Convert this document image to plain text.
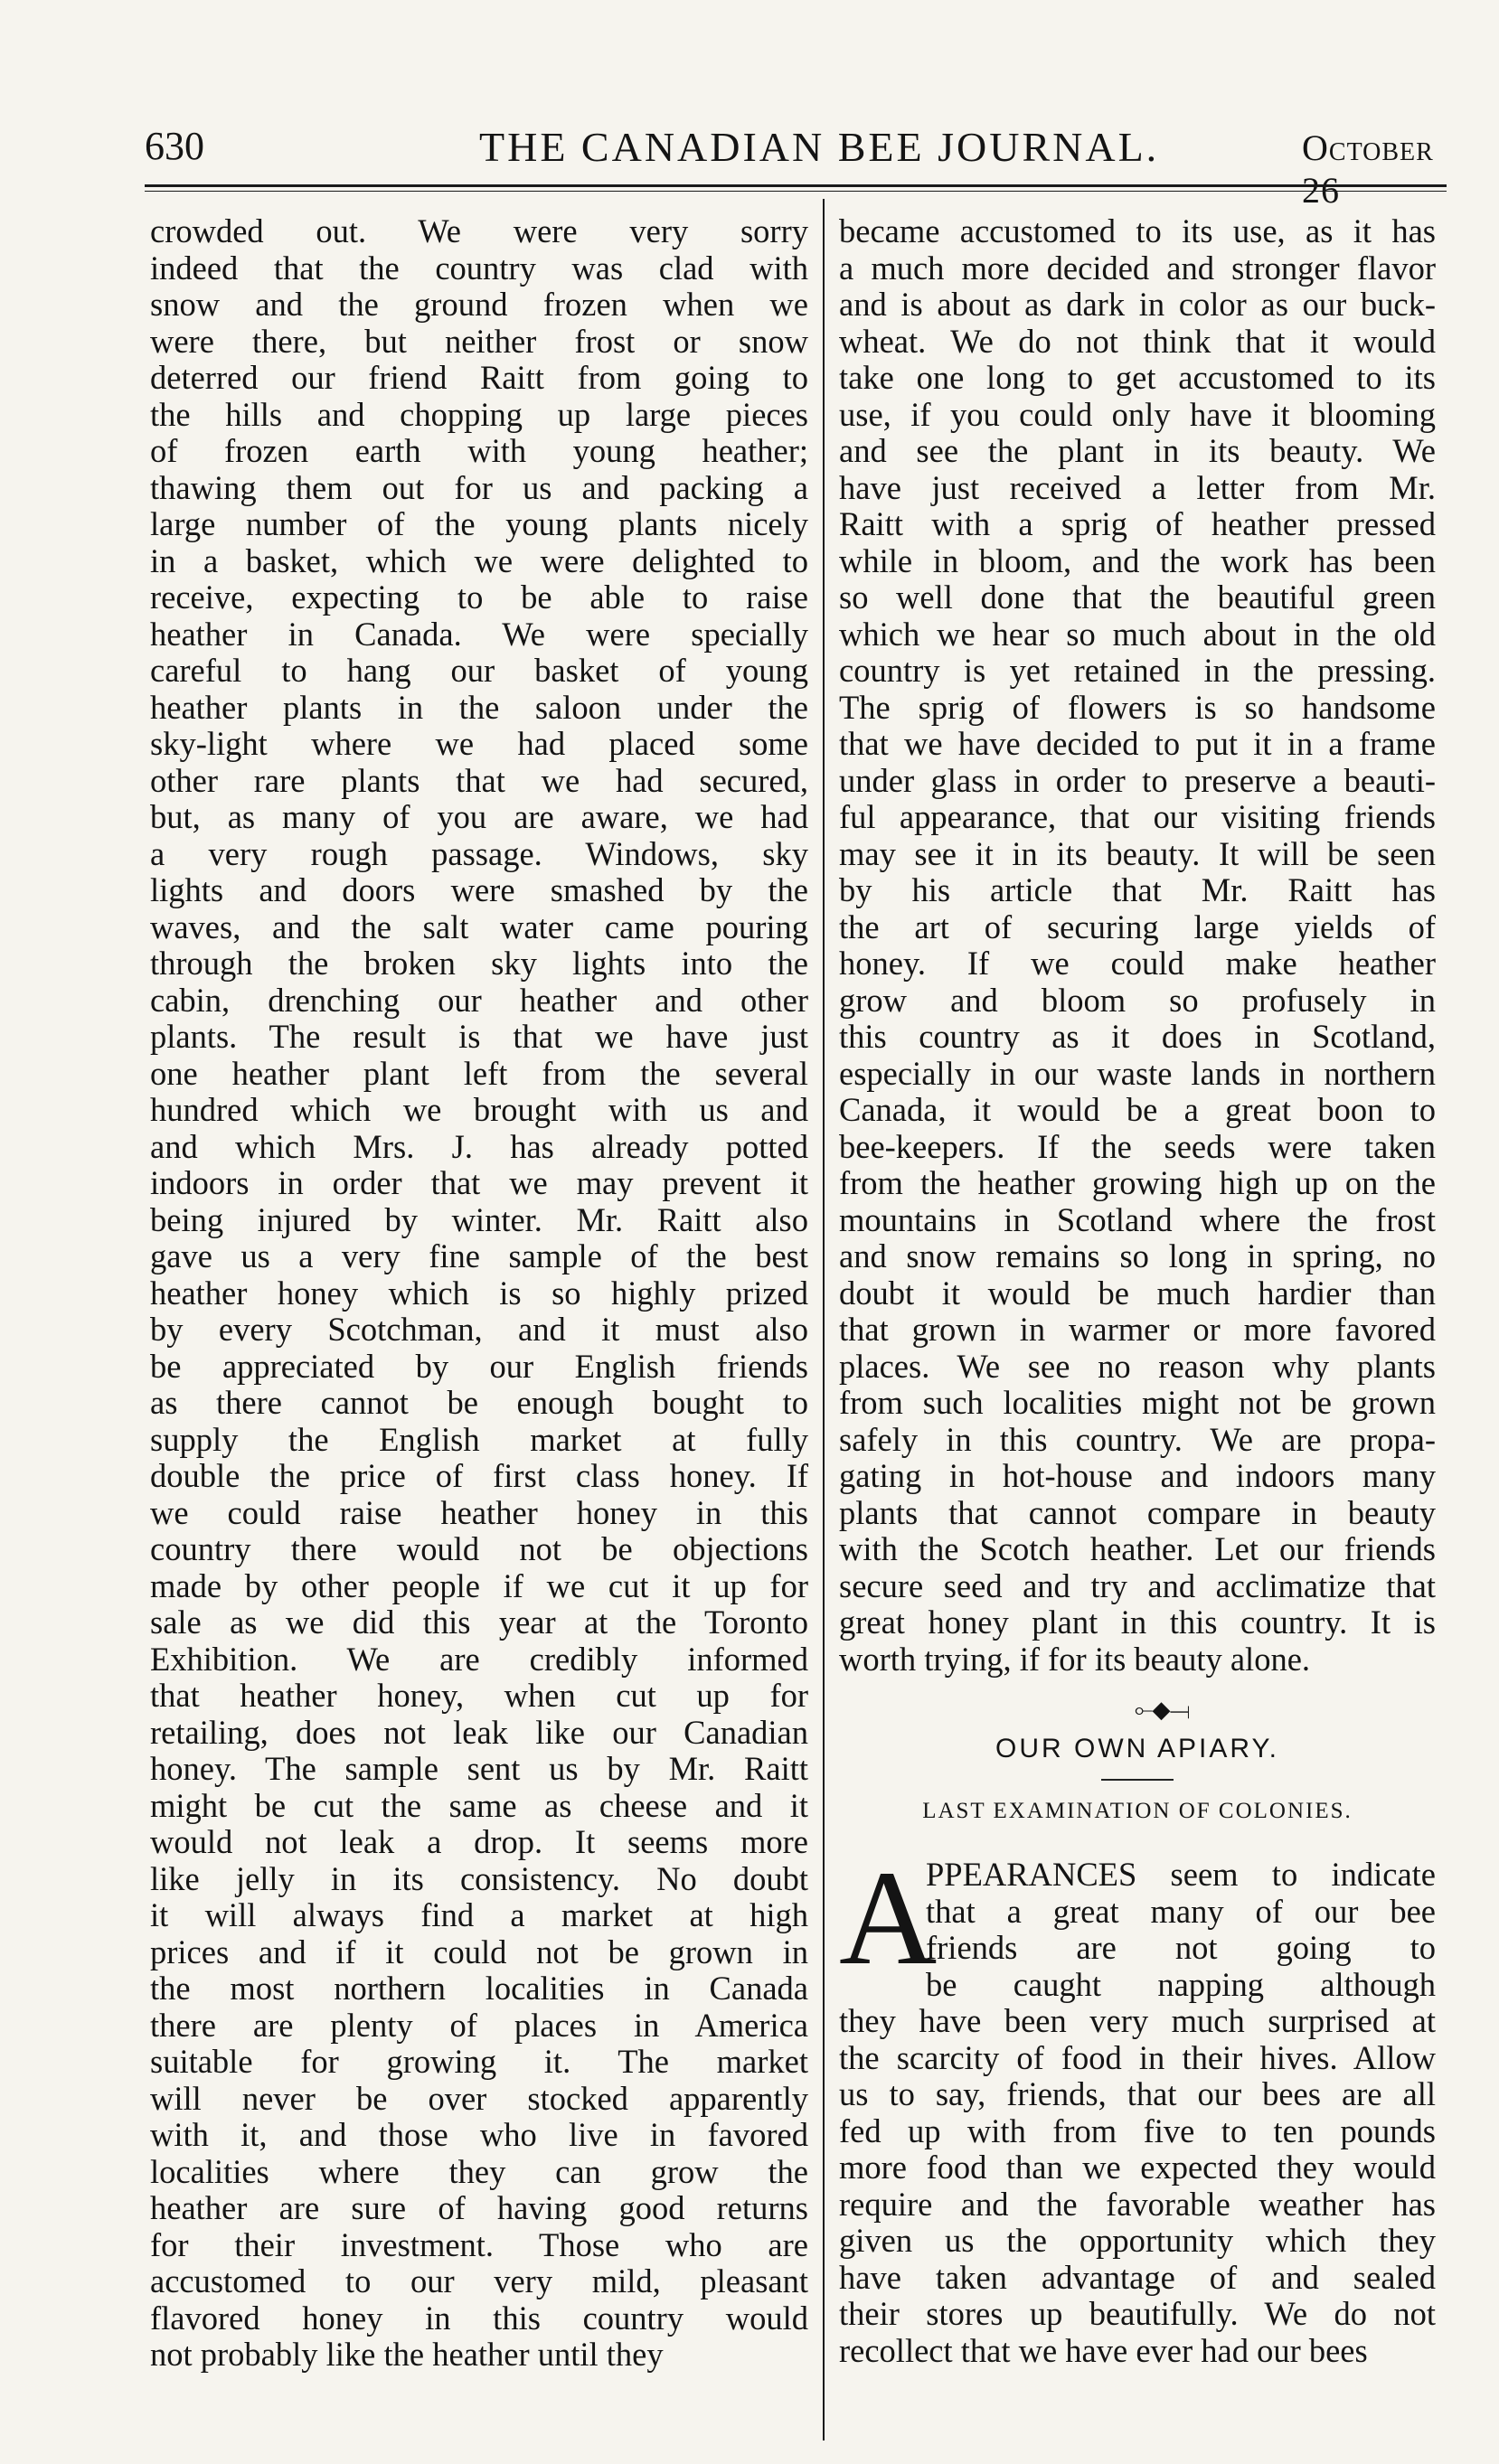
630	THE CANADIAN BEE JOURNAL.	October
crowded out. We were very sorry
indeed that the country was clad with
snow and the ground frozen when we
were there, but neither frost or snow
deterred our friend Raitt from going to
the hills and chopping up large pieces
of frozen earth with young heather;
thawing them out for us and packing a
large number of the young plants nicely
in a basket, which we were delighted to
receive, expecting to be able to raise
heather in Canada. We were specially
careful to hang our basket of young
heather plants in the saloon under the
sky-light where we had placed some
other rare plants that we had secured,
but, as many of you are aware, we had
a very rough passage. Windows, sky
lights and doors were smashed by the
waves, and the salt water came pouring
through the broken sky lights into the
cabin, drenching our heather and other
plants. The result is that we have just
one heather plant left from the several
hundred which we brought with us and
and which Mrs. J. has already potted
indoors in order that we may prevent it
being injured by winter. Mr. Raitt also
gave us a very fine sample of the best
heather honey which is so highly prized
by every Scotchman, and it must also
be appreciated by our English friends
as there cannot be enough bought to
supply the English market at fully
double the price of first class honey. If
we could raise heather honey in this
country there would not be objections
made by other people if we cut it up for
sale as we did this year at the Toronto
Exhibition. We are credibly informed
that heather honey, when cut up for
retailing, does not leak like our Canadian
honey. The sample sent us by Mr. Raitt
might be cut the same as cheese and it
would not leak a drop. It seems more
like jelly in its consistency. No doubt
it will always find a market at high
prices and if it could not be grown in
the most northern localities in Canada
there are plenty of places in America
suitable for growing it. The market
will never be over stocked apparently
with it, and those who live in favored
localities where they can grow the
heather are sure of having good returns
for their investment. Those who are
accustomed to our very mild, pleasant
flavored honey in this country would
not probably like the heather until they
became accustomed to its use, as it has
a much more decided and stronger flavor
and is about as dark in color as our buck-
wheat. We do not think that it would
take one long to get accustomed to its
use, if you could only have it blooming
and see the plant in its beauty. We
have just received a letter from Mr.
Raitt with a sprig of heather pressed
while in bloom, and the work has been
so well done that the beautiful green
which we hear so much about in the old
country is yet retained in the pressing.
The sprig of flowers is so handsome
that we have decided to put it in a frame
under glass in order to preserve a beauti-
ful appearance, that our visiting friends
may see it in its beauty. It will be seen
by his article that Mr. Raitt has
the art of securing large yields of
honey. If we could make heather
grow and bloom so profusely in
this country as it does in Scotland,
especially in our waste lands in northern
Canada, it would be a great boon to
bee-keepers. If the seeds were taken
from the heather growing high up on the
mountains in Scotland where the frost
and snow remains so long in spring, no
doubt it would be much hardier than
that grown in warmer or more favored
places. We see no reason why plants
from such localities might not be grown
safely in this country. We are propa-
gating in hot-house and indoors many
plants that cannot compare in beauty
with the Scotch heather. Let our friends
secure seed and try and acclimatize that
great honey plant in this country. It is
worth trying, if for its beauty alone.
⟜◆⟞
OUR OWN APIARY.
LAST EXAMINATION OF COLONIES.
A
PPEARANCES seem to indicate
that a great many of our bee
friends are not going to
be caught napping although
they have been very much surprised at
the scarcity of food in their hives. Allow
us to say, friends, that our bees are all
fed up with from five to ten pounds
more food than we expected they would
require and the favorable weather has
given us the opportunity which they
have taken advantage of and sealed
their stores up beautifully. We do not
recollect that we have ever had our bees
